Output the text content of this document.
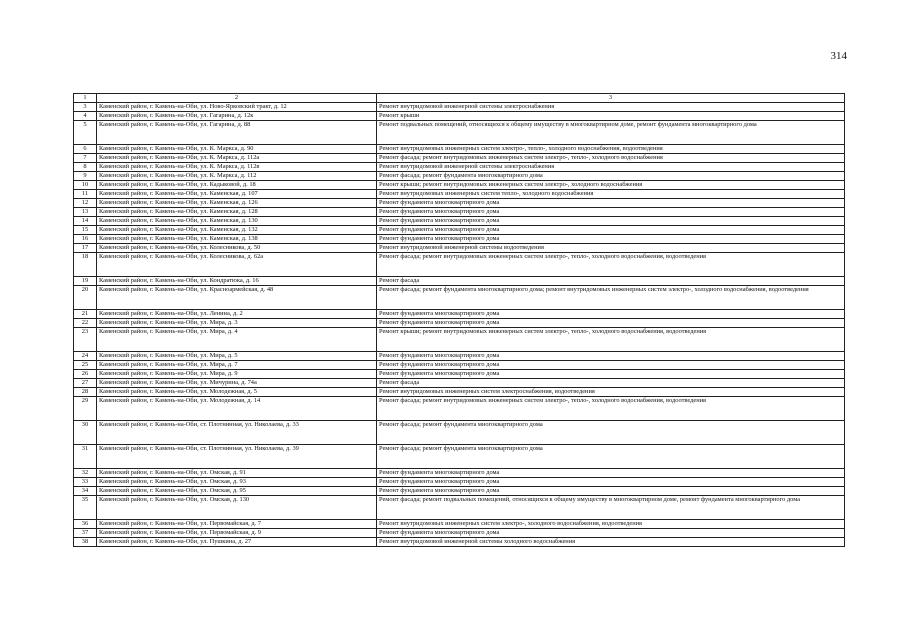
314
1	2	3
3	Каменский район, г. Камень-на-Оби, ул. Ново-Ярковский тракт, д. 12	Ремонт внутридомовой инженерной системы электроснабжения
4	Каменский район, г. Камень-на-Оби, ул. Гагарина, д. 12к	Ремонт крыши
5	Каменский район, г. Камень-на-Оби, ул. Гагарина, д. 88	Ремонт подвальных помещений, относящихся к общему имуществу в многоквартирном доме, ремонт фундамента многоквартирного дома
6	Каменский район, г. Камень-на-Оби, ул. К. Маркса, д. 90	Ремонт внутридомовых инженерных систем электро-, тепло-, холодного водоснабжения, водоотведения
7	Каменский район, г. Камень-на-Оби, ул. К. Маркса, д. 112а	Ремонт фасада; ремонт внутридомовых инженерных систем электро-, тепло-, холодного водоснабжения
8	Каменский район, г. Камень-на-Оби, ул. К. Маркса, д. 112в	Ремонт внутридомовой инженерной системы электроснабжения
9	Каменский район, г. Камень-на-Оби, ул. К. Маркса, д. 112	Ремонт фасада; ремонт фундамента многоквартирного дома
10	Каменский район, г. Камень-на-Оби, ул. Кадыковой, д. 18	Ремонт крыши; ремонт внутридомовых инженерных систем электро-, холодного водоснабжения
11	Каменский район, г. Камень-на-Оби, ул. Каменская, д. 107	Ремонт внутридомовых инженерных систем тепло-, холодного водоснабжения
12	Каменский район, г. Камень-на-Оби, ул. Каменская, д. 126	Ремонт фундамента многоквартирного дома
13	Каменский район, г. Камень-на-Оби, ул. Каменская, д. 128	Ремонт фундамента многоквартирного дома
14	Каменский район, г. Камень-на-Оби, ул. Каменская, д. 130	Ремонт фундамента многоквартирного дома
15	Каменский район, г. Камень-на-Оби, ул. Каменская, д. 132	Ремонт фундамента многоквартирного дома
16	Каменский район, г. Камень-на-Оби, ул. Каменская, д. 138	Ремонт фундамента многоквартирного дома
17	Каменский район, г. Камень-на-Оби, ул. Колесникова, д. 50	Ремонт внутридомовой инженерной системы водоотведения
18	Каменский район, г. Камень-на-Оби, ул. Колесникова, д. 62а	Ремонт фасада; ремонт внутридомовых инженерных систем электро-, тепло-, холодного водоснабжения, водоотведения
19	Каменский район, г. Камень-на-Оби, ул. Кондратюка, д. 16	Ремонт фасада
20	Каменский район, г. Камень-на-Оби, ул. Красноармейская, д. 48	Ремонт фасада; ремонт фундамента многоквартирного дома; ремонт внутридомовых инженерных систем электро-, холодного водоснабжения, водоотведения
21	Каменский район, г. Камень-на-Оби, ул. Ленина, д. 2	Ремонт фундамента многоквартирного дома
22	Каменский район, г. Камень-на-Оби, ул. Мира, д. 3	Ремонт фундамента многоквартирного дома
23	Каменский район, г. Камень-на-Оби, ул. Мира, д. 4	Ремонт крыши; ремонт внутридомовых инженерных систем электро-, тепло-, холодного водоснабжения, водоотведения
24	Каменский район, г. Камень-на-Оби, ул. Мира, д. 5	Ремонт фундамента многоквартирного дома
25	Каменский район, г. Камень-на-Оби, ул. Мира, д. 7	Ремонт фундамента многоквартирного дома
26	Каменский район, г. Камень-на-Оби, ул. Мира, д. 9	Ремонт фундамента многоквартирного дома
27	Каменский район, г. Камень-на-Оби, ул. Мичурина, д. 74а	Ремонт фасада
28	Каменский район, г. Камень-на-Оби, ул. Молодежная, д. 5	Ремонт внутридомовых инженерных систем электроснабжения, водоотведения
29	Каменский район, г. Камень-на-Оби, ул. Молодежная, д. 14	Ремонт фасада; ремонт внутридомовых инженерных систем электро-, тепло-, холодного водоснабжения, водоотведения
30	Каменский район, г. Камень-на-Оби, ст. Плотнинная, ул. Николаева, д. 33	Ремонт фасада; ремонт фундамента многоквартирного дома
31	Каменский район, г. Камень-на-Оби, ст. Плотнинная, ул. Николаева, д. 39	Ремонт фасада; ремонт фундамента многоквартирного дома
32	Каменский район, г. Камень-на-Оби, ул. Омская, д. 91	Ремонт фундамента многоквартирного дома
33	Каменский район, г. Камень-на-Оби, ул. Омская, д. 93	Ремонт фундамента многоквартирного дома
34	Каменский район, г. Камень-на-Оби, ул. Омская, д. 95	Ремонт фундамента многоквартирного дома
35	Каменский район, г. Камень-на-Оби, ул. Омская, д. 130	Ремонт фасада; ремонт подвальных помещений, относящихся к общему имуществу в многоквартирном доме, ремонт фундамента многоквартирного дома
36	Каменский район, г. Камень-на-Оби, ул. Первомайская, д. 7	Ремонт внутридомовых инженерных систем электро-, холодного водоснабжения, водоотведения
37	Каменский район, г. Камень-на-Оби, ул. Первомайская, д. 9	Ремонт фундамента многоквартирного дома
38	Каменский район, г. Камень-на-Оби, ул. Пушкина, д. 27	Ремонт внутридомовой инженерной системы холодного водоснабжения
